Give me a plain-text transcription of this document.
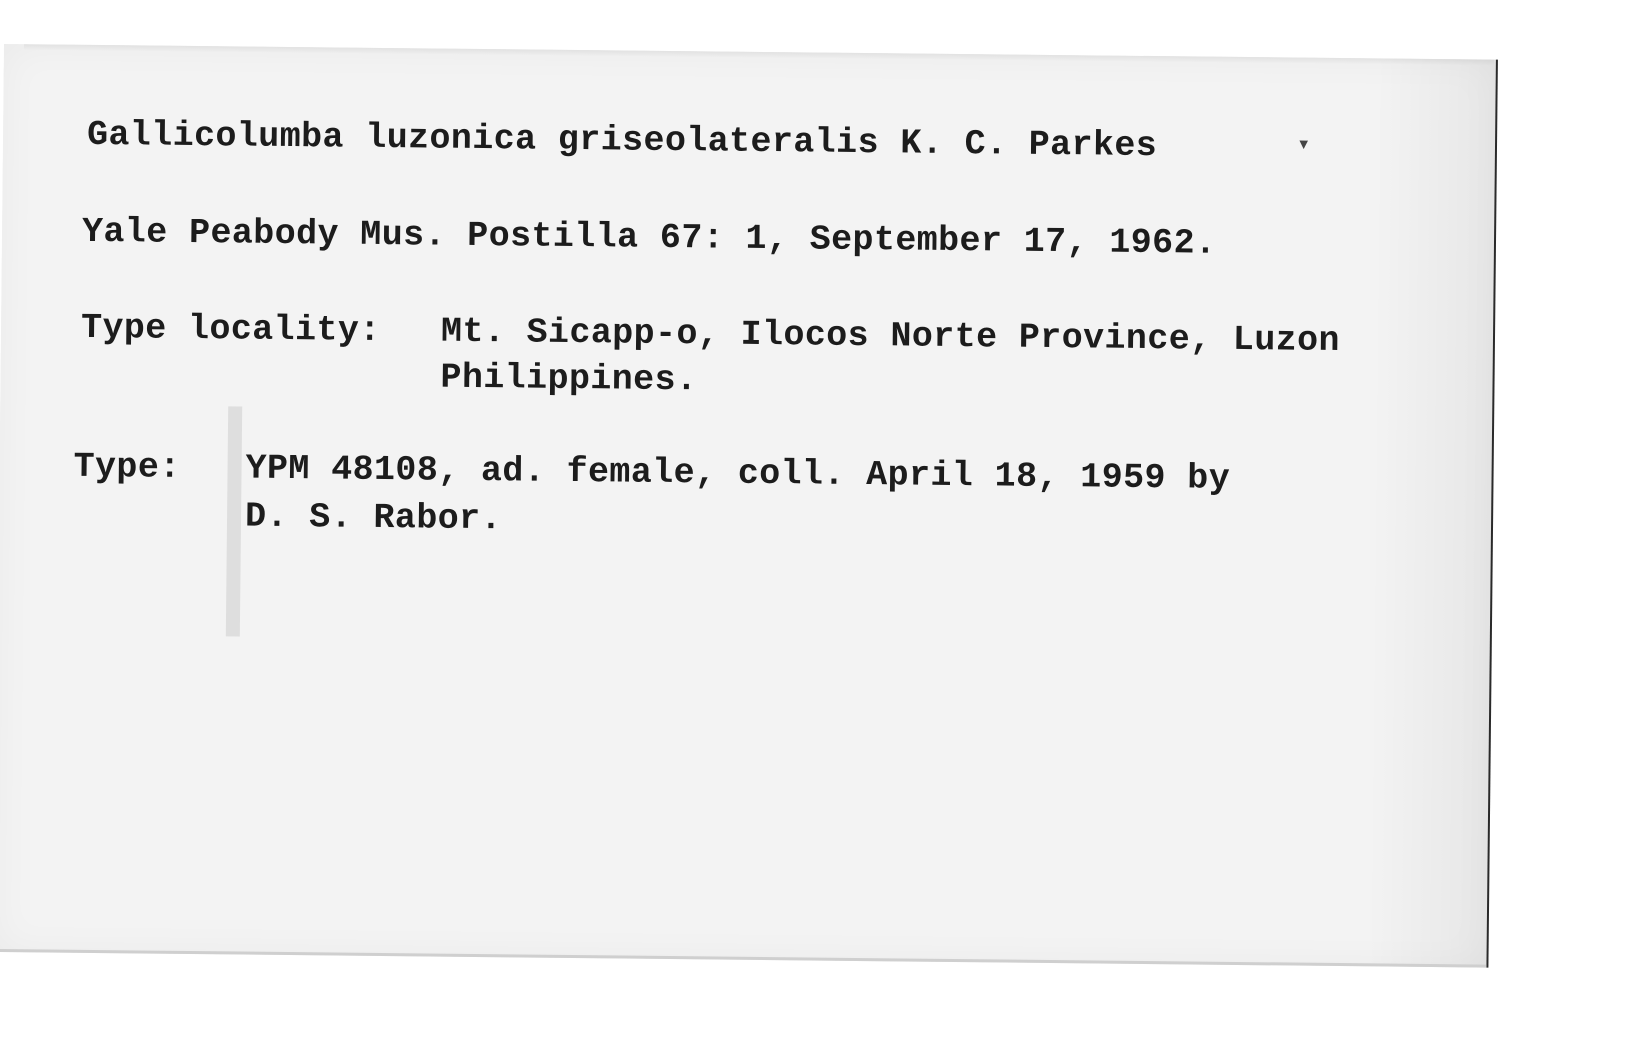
Gallicolumba luzonica griseolateralis K. C. Parkes	▾
Yale Peabody Mus. Postilla 67: 1, September 17, 1962.
Type locality: Mt. Sicapp-o, Ilocos Norte Province, Luzon
Philippines.
Type: YPM 48108, ad. female, coll. April 18, 1959 by
D. S. Rabor.
